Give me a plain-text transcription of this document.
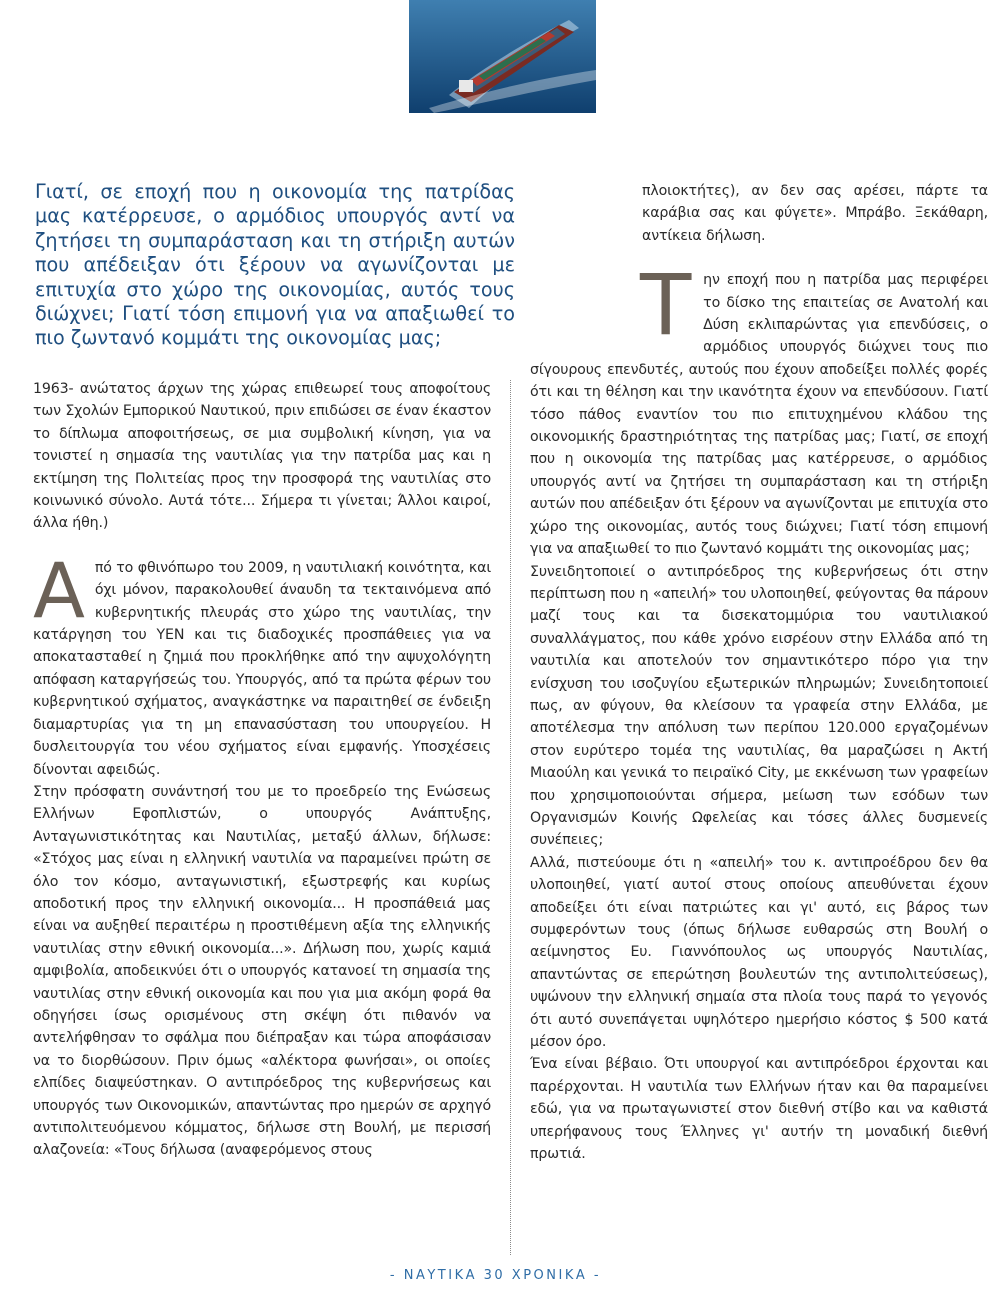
Γιατί, σε εποχή που η οικονομία της πατρίδας μας κατέρρευσε, ο αρμόδιος υπουργός αντί να ζητήσει τη συμπαράσταση και τη στήριξη αυτών που απέδειξαν ότι ξέρουν να αγωνίζονται με επιτυχία στο χώρο της οικονομίας, αυτός τους διώχνει; Γιατί τόση επιμονή για να απαξιωθεί το πιο ζωντανό κομμάτι της οικονομίας μας;

1963- ανώτατος άρχων της χώρας επιθεωρεί τους αποφοίτους των Σχολών Εμπορικού Ναυτικού, πριν επιδώσει σε έναν έκαστον το δίπλωμα αποφοιτήσεως, σε μια συμβολική κίνηση, για να τονιστεί η σημασία της ναυτιλίας για την πατρίδα μας και η εκτίμηση της Πολιτείας προς την προσφορά της ναυτιλίας στο κοινωνικό σύνολο. Αυτά τότε... Σήμερα τι γίνεται; Άλλοι καιροί, άλλα ήθη.)

Α πό το φθινόπωρο του 2009, η ναυτιλιακή κοινότητα, και όχι μόνον, παρακολουθεί άναυδη τα τεκταινόμενα από κυβερνητικής πλευράς στο χώρο της ναυτιλίας, την κατάργηση του ΥΕΝ και τις διαδοχικές προσπάθειες για να αποκατασταθεί η ζημιά που προκλήθηκε από την αψυχολόγητη απόφαση καταργήσεώς του. Υπουργός, από τα πρώτα φέρων του κυβερνητικού σχήματος, αναγκάστηκε να παραιτηθεί σε ένδειξη διαμαρτυρίας για τη μη επανασύσταση του υπουργείου. Η δυσλειτουργία του νέου σχήματος είναι εμφανής. Υποσχέσεις δίνονται αφειδώς.

Στην πρόσφατη συνάντησή του με το προεδρείο της Ενώσεως Ελλήνων Εφοπλιστών, ο υπουργός Ανάπτυξης, Ανταγωνιστικότητας και Ναυτιλίας, μεταξύ άλλων, δήλωσε: «Στόχος μας είναι η ελληνική ναυτιλία να παραμείνει πρώτη σε όλο τον κόσμο, ανταγωνιστική, εξωστρεφής και κυρίως αποδοτική προς την ελληνική οικονομία... Η προσπάθειά μας είναι να αυξηθεί περαιτέρω η προστιθέμενη αξία της ελληνικής ναυτιλίας στην εθνική οικονομία...». Δήλωση που, χωρίς καμιά αμφιβολία, αποδεικνύει ότι ο υπουργός κατανοεί τη σημασία της ναυτιλίας στην εθνική οικονομία και που για μια ακόμη φορά θα οδηγήσει ίσως ορισμένους στη σκέψη ότι πιθανόν να αντελήφθησαν το σφάλμα που διέπραξαν και τώρα αποφάσισαν να το διορθώσουν. Πριν όμως «αλέκτορα φωνήσαι», οι οποίες ελπίδες διαψεύστηκαν. Ο αντιπρόεδρος της κυβερνήσεως και υπουργός των Οικονομικών, απαντώντας προ ημερών σε αρχηγό αντιπολιτευόμενου κόμματος, δήλωσε στη Βουλή, με περισσή αλαζονεία: «Τους δήλωσα (αναφερόμενος στους

πλοιοκτήτες), αν δεν σας αρέσει, πάρτε τα καράβια σας και φύγετε». Μπράβο. Ξεκάθαρη, αντίκεια δήλωση.

Τ ην εποχή που η πατρίδα μας περιφέρει το δίσκο της επαιτείας σε Ανατολή και Δύση εκλιπαρώντας για επενδύσεις, ο αρμόδιος υπουργός διώχνει τους πιο σίγουρους επενδυτές, αυτούς που έχουν αποδείξει πολλές φορές ότι και τη θέληση και την ικανότητα έχουν να επενδύσουν. Γιατί τόσο πάθος εναντίον του πιο επιτυχημένου κλάδου της οικονομικής δραστηριότητας της πατρίδας μας; Γιατί, σε εποχή που η οικονομία της πατρίδας μας κατέρρευσε, ο αρμόδιος υπουργός αντί να ζητήσει τη συμπαράσταση και τη στήριξη αυτών που απέδειξαν ότι ξέρουν να αγωνίζονται με επιτυχία στο χώρο της οικονομίας, αυτός τους διώχνει; Γιατί τόση επιμονή για να απαξιωθεί το πιο ζωντανό κομμάτι της οικονομίας μας;

Συνειδητοποιεί ο αντιπρόεδρος της κυβερνήσεως ότι στην περίπτωση που η «απειλή» του υλοποιηθεί, φεύγοντας θα πάρουν μαζί τους και τα δισεκατομμύρια του ναυτιλιακού συναλλάγματος, που κάθε χρόνο εισρέουν στην Ελλάδα από τη ναυτιλία και αποτελούν τον σημαντικότερο πόρο για την ενίσχυση του ισοζυγίου εξωτερικών πληρωμών; Συνειδητοποιεί πως, αν φύγουν, θα κλείσουν τα γραφεία στην Ελλάδα, με αποτέλεσμα την απόλυση των περίπου 120.000 εργαζομένων στον ευρύτερο τομέα της ναυτιλίας, θα μαραζώσει η Ακτή Μιαούλη και γενικά το πειραϊκό City, με εκκένωση των γραφείων που χρησιμοποιούνται σήμερα, μείωση των εσόδων των Οργανισμών Κοινής Ωφελείας και τόσες άλλες δυσμενείς συνέπειες;

Αλλά, πιστεύουμε ότι η «απειλή» του κ. αντιπροέδρου δεν θα υλοποιηθεί, γιατί αυτοί στους οποίους απευθύνεται έχουν αποδείξει ότι είναι πατριώτες και γι' αυτό, εις βάρος των συμφερόντων τους (όπως δήλωσε ευθαρσώς στη Βουλή ο αείμνηστος Ευ. Γιαννόπουλος ως υπουργός Ναυτιλίας, απαντώντας σε επερώτηση βουλευτών της αντιπολιτεύσεως), υψώνουν την ελληνική σημαία στα πλοία τους παρά το γεγονός ότι αυτό συνεπάγεται υψηλότερο ημερήσιο κόστος $ 500 κατά μέσον όρο.

Ένα είναι βέβαιο. Ότι υπουργοί και αντιπρόεδροι έρχονται και παρέρχονται. Η ναυτιλία των Ελλήνων ήταν και θα παραμείνει εδώ, για να πρωταγωνιστεί στον διεθνή στίβο και να καθιστά υπερήφανους τους Έλληνες γι' αυτήν τη μοναδική διεθνή πρωτιά.

- ΝΑΥΤΙΚΑ 30 ΧΡΟΝΙΚΑ -
